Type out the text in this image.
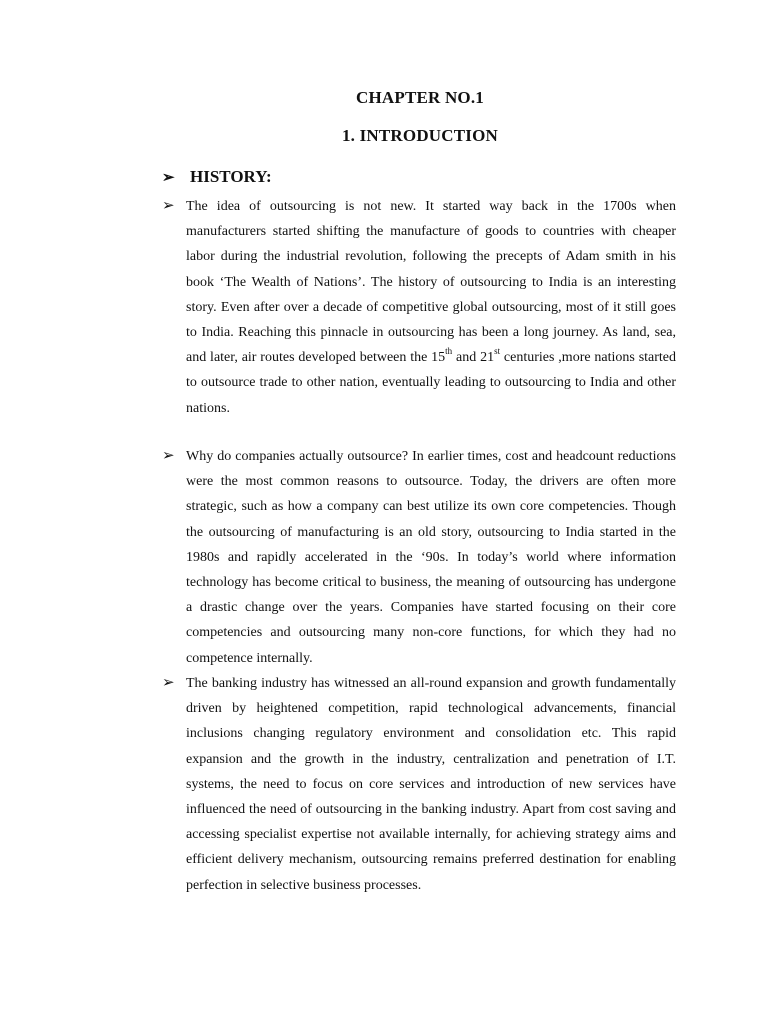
CHAPTER NO.1
1. INTRODUCTION
➢ HISTORY:
➢ The idea of outsourcing is not new. It started way back in the 1700s when manufacturers started shifting the manufacture of goods to countries with cheaper labor during the industrial revolution, following the precepts of Adam smith in his book ‘The Wealth of Nations’. The history of outsourcing to India is an interesting story. Even after over a decade of competitive global outsourcing, most of it still goes to India. Reaching this pinnacle in outsourcing has been a long journey. As land, sea, and later, air routes developed between the 15th and 21st centuries ,more nations started to outsource trade to other nation, eventually leading to outsourcing to India and other nations.
➢ Why do companies actually outsource? In earlier times, cost and headcount reductions were the most common reasons to outsource. Today, the drivers are often more strategic, such as how a company can best utilize its own core competencies. Though the outsourcing of manufacturing is an old story, outsourcing to India started in the 1980s and rapidly accelerated in the ‘90s. In today’s world where information technology has become critical to business, the meaning of outsourcing has undergone a drastic change over the years. Companies have started focusing on their core competencies and outsourcing many non-core functions, for which they had no competence internally.
➢ The banking industry has witnessed an all-round expansion and growth fundamentally driven by heightened competition, rapid technological advancements, financial inclusions changing regulatory environment and consolidation etc. This rapid expansion and the growth in the industry, centralization and penetration of I.T. systems, the need to focus on core services and introduction of new services have influenced the need of outsourcing in the banking industry. Apart from cost saving and accessing specialist expertise not available internally, for achieving strategy aims and efficient delivery mechanism, outsourcing remains preferred destination for enabling perfection in selective business processes.
